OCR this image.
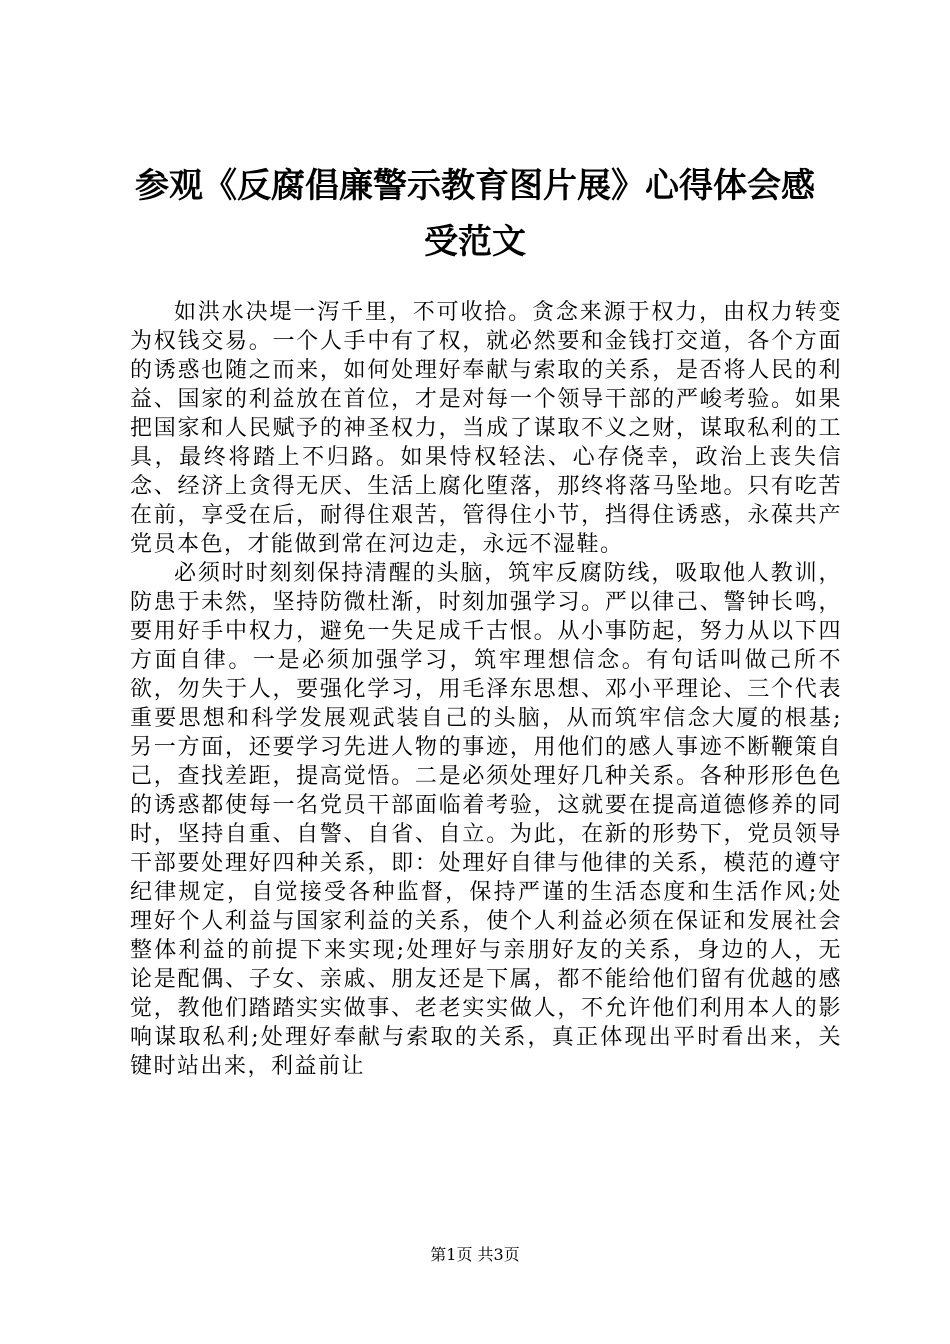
参观《反腐倡廉警示教育图片展》心得体会感
受范文

如洪水决堤一泻千里，不可收拾。贪念来源于权力，由权力转变为权钱交易。一个人手中有了权，就必然要和金钱打交道，各个方面的诱惑也随之而来，如何处理好奉献与索取的关系，是否将人民的利益、国家的利益放在首位，才是对每一个领导干部的严峻考验。如果把国家和人民赋予的神圣权力，当成了谋取不义之财，谋取私利的工具，最终将踏上不归路。如果恃权轻法、心存侥幸，政治上丧失信念、经济上贪得无厌、生活上腐化堕落，那终将落马坠地。只有吃苦在前，享受在后，耐得住艰苦，管得住小节，挡得住诱惑，永葆共产党员本色，才能做到常在河边走，永远不湿鞋。

必须时时刻刻保持清醒的头脑，筑牢反腐防线，吸取他人教训，防患于未然，坚持防微杜渐，时刻加强学习。严以律己、警钟长鸣，要用好手中权力，避免一失足成千古恨。从小事防起，努力从以下四方面自律。一是必须加强学习，筑牢理想信念。有句话叫做己所不欲，勿失于人，要强化学习，用毛泽东思想、邓小平理论、三个代表重要思想和科学发展观武装自己的头脑，从而筑牢信念大厦的根基;另一方面，还要学习先进人物的事迹，用他们的感人事迹不断鞭策自己，查找差距，提高觉悟。二是必须处理好几种关系。各种形形色色的诱惑都使每一名党员干部面临着考验，这就要在提高道德修养的同时，坚持自重、自警、自省、自立。为此，在新的形势下，党员领导干部要处理好四种关系，即：处理好自律与他律的关系，模范的遵守纪律规定，自觉接受各种监督，保持严谨的生活态度和生活作风;处理好个人利益与国家利益的关系，使个人利益必须在保证和发展社会整体利益的前提下来实现;处理好与亲朋好友的关系，身边的人，无论是配偶、子女、亲戚、朋友还是下属，都不能给他们留有优越的感觉，教他们踏踏实实做事、老老实实做人，不允许他们利用本人的影响谋取私利;处理好奉献与索取的关系，真正体现出平时看出来，关键时站出来，利益前让

第1页 共3页
